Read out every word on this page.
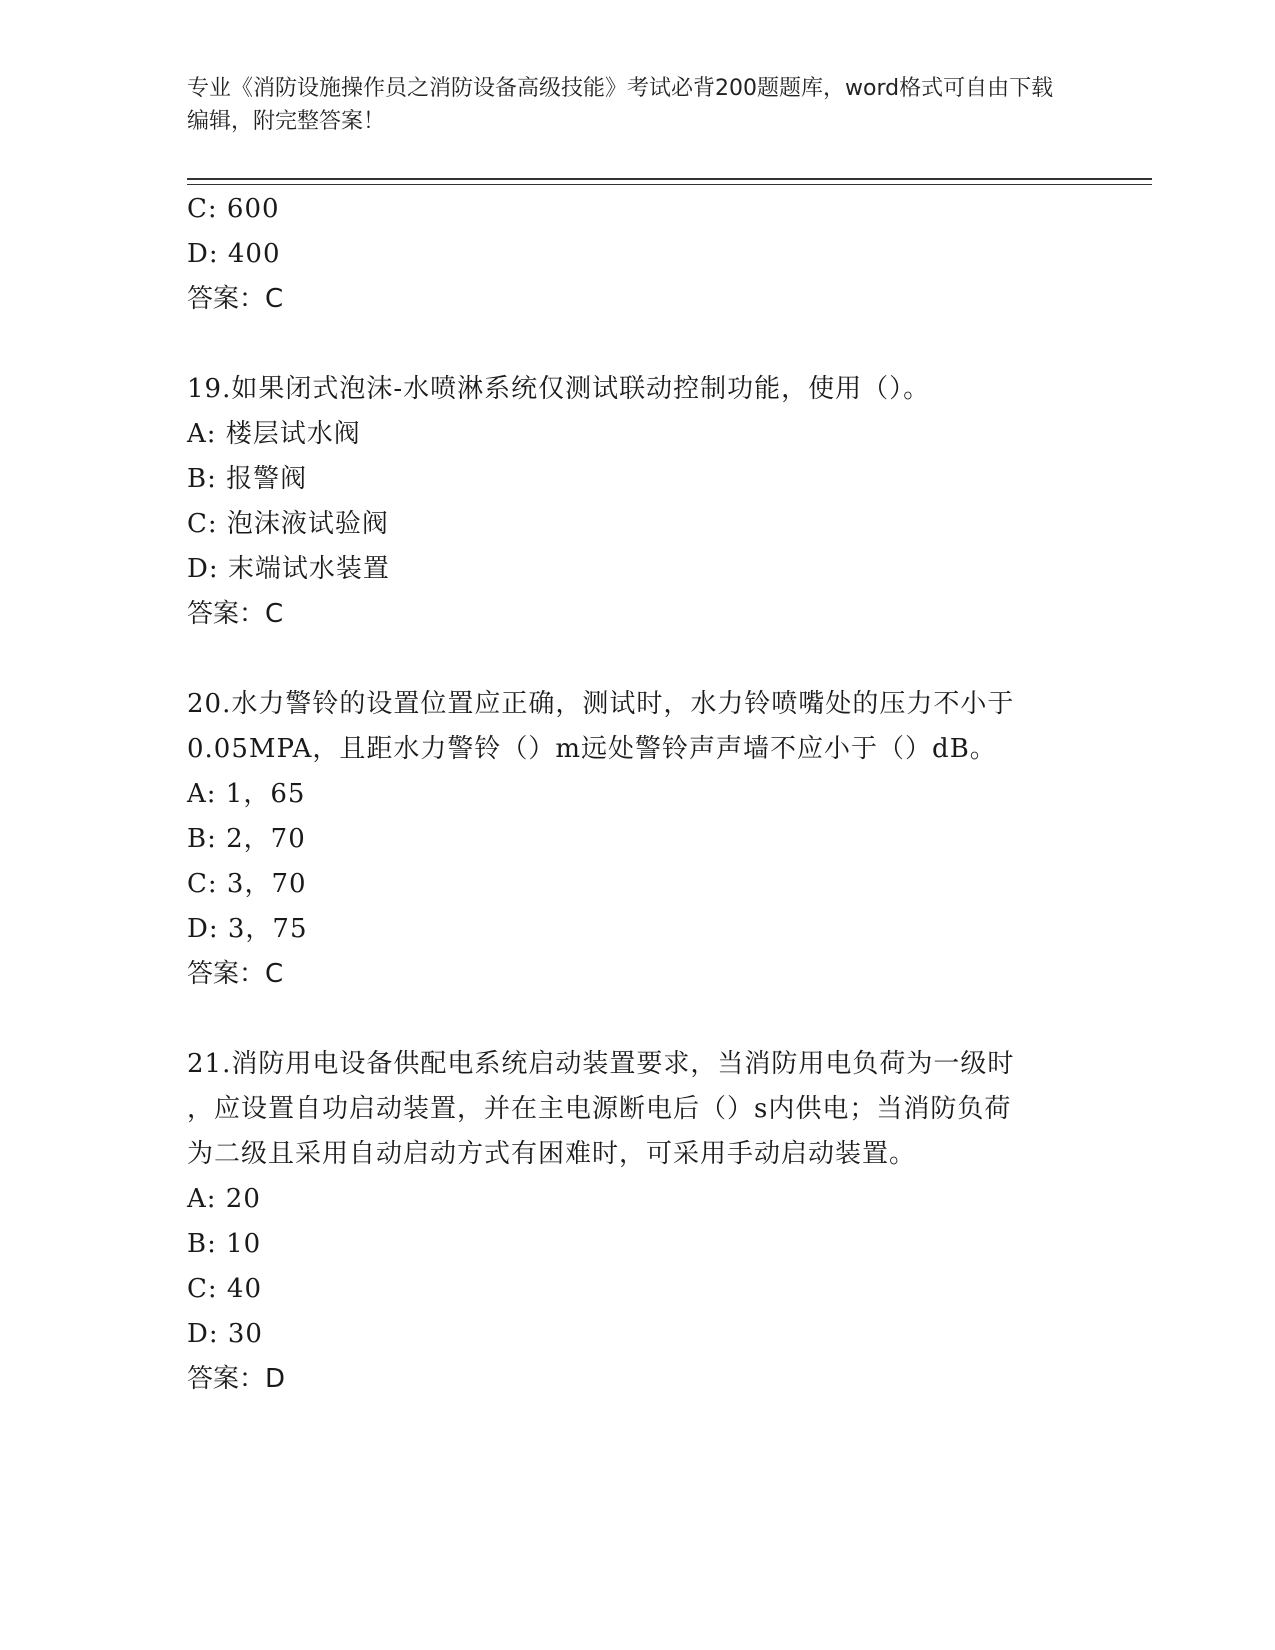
专业《消防设施操作员之消防设备高级技能》考试必背200题题库，word格式可自由下载编辑，附完整答案！
C: 600
D: 400
答案：C
19.如果闭式泡沫-水喷淋系统仅测试联动控制功能，使用（）。
A: 楼层试水阀
B: 报警阀
C: 泡沫液试验阀
D: 末端试水装置
答案：C
20.水力警铃的设置位置应正确，测试时，水力铃喷嘴处的压力不小于
0.05MPA，且距水力警铃（）m远处警铃声声墙不应小于（）dB。
A: 1，65
B: 2，70
C: 3，70
D: 3，75
答案：C
21.消防用电设备供配电系统启动装置要求，当消防用电负荷为一级时
，应设置自功启动装置，并在主电源断电后（）s内供电；当消防负荷
为二级且采用自动启动方式有困难时，可采用手动启动装置。
A: 20
B: 10
C: 40
D: 30
答案：D
